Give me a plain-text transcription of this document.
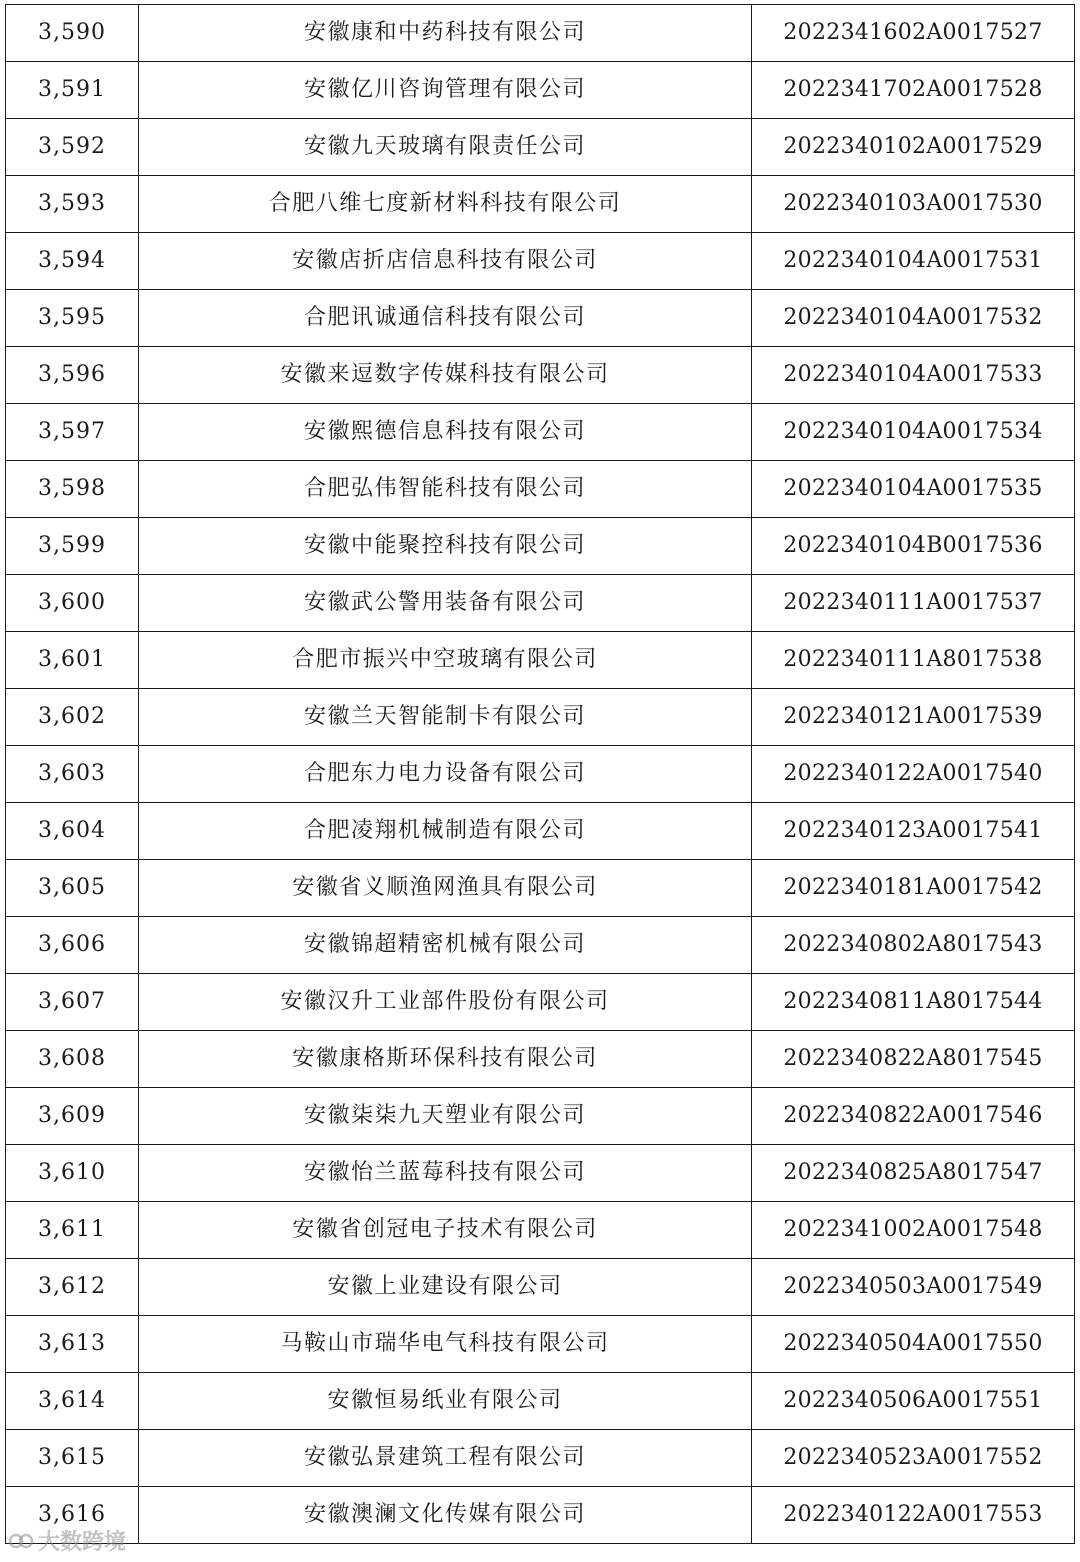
3,590	安徽康和中药科技有限公司	2022341602A0017527
3,591	安徽亿川咨询管理有限公司	2022341702A0017528
3,592	安徽九天玻璃有限责任公司	2022340102A0017529
3,593	合肥八维七度新材料科技有限公司	2022340103A0017530
3,594	安徽店折店信息科技有限公司	2022340104A0017531
3,595	合肥讯诚通信科技有限公司	2022340104A0017532
3,596	安徽来逗数字传媒科技有限公司	2022340104A0017533
3,597	安徽熙德信息科技有限公司	2022340104A0017534
3,598	合肥弘伟智能科技有限公司	2022340104A0017535
3,599	安徽中能聚控科技有限公司	2022340104B0017536
3,600	安徽武公警用装备有限公司	2022340111A0017537
3,601	合肥市振兴中空玻璃有限公司	2022340111A8017538
3,602	安徽兰天智能制卡有限公司	2022340121A0017539
3,603	合肥东力电力设备有限公司	2022340122A0017540
3,604	合肥凌翔机械制造有限公司	2022340123A0017541
3,605	安徽省义顺渔网渔具有限公司	2022340181A0017542
3,606	安徽锦超精密机械有限公司	2022340802A8017543
3,607	安徽汉升工业部件股份有限公司	2022340811A8017544
3,608	安徽康格斯环保科技有限公司	2022340822A8017545
3,609	安徽柒柒九天塑业有限公司	2022340822A0017546
3,610	安徽怡兰蓝莓科技有限公司	2022340825A8017547
3,611	安徽省创冠电子技术有限公司	2022341002A0017548
3,612	安徽上业建设有限公司	2022340503A0017549
3,613	马鞍山市瑞华电气科技有限公司	2022340504A0017550
3,614	安徽恒易纸业有限公司	2022340506A0017551
3,615	安徽弘景建筑工程有限公司	2022340523A0017552
3,616	安徽澳澜文化传媒有限公司	2022340122A0017553
大数跨境
